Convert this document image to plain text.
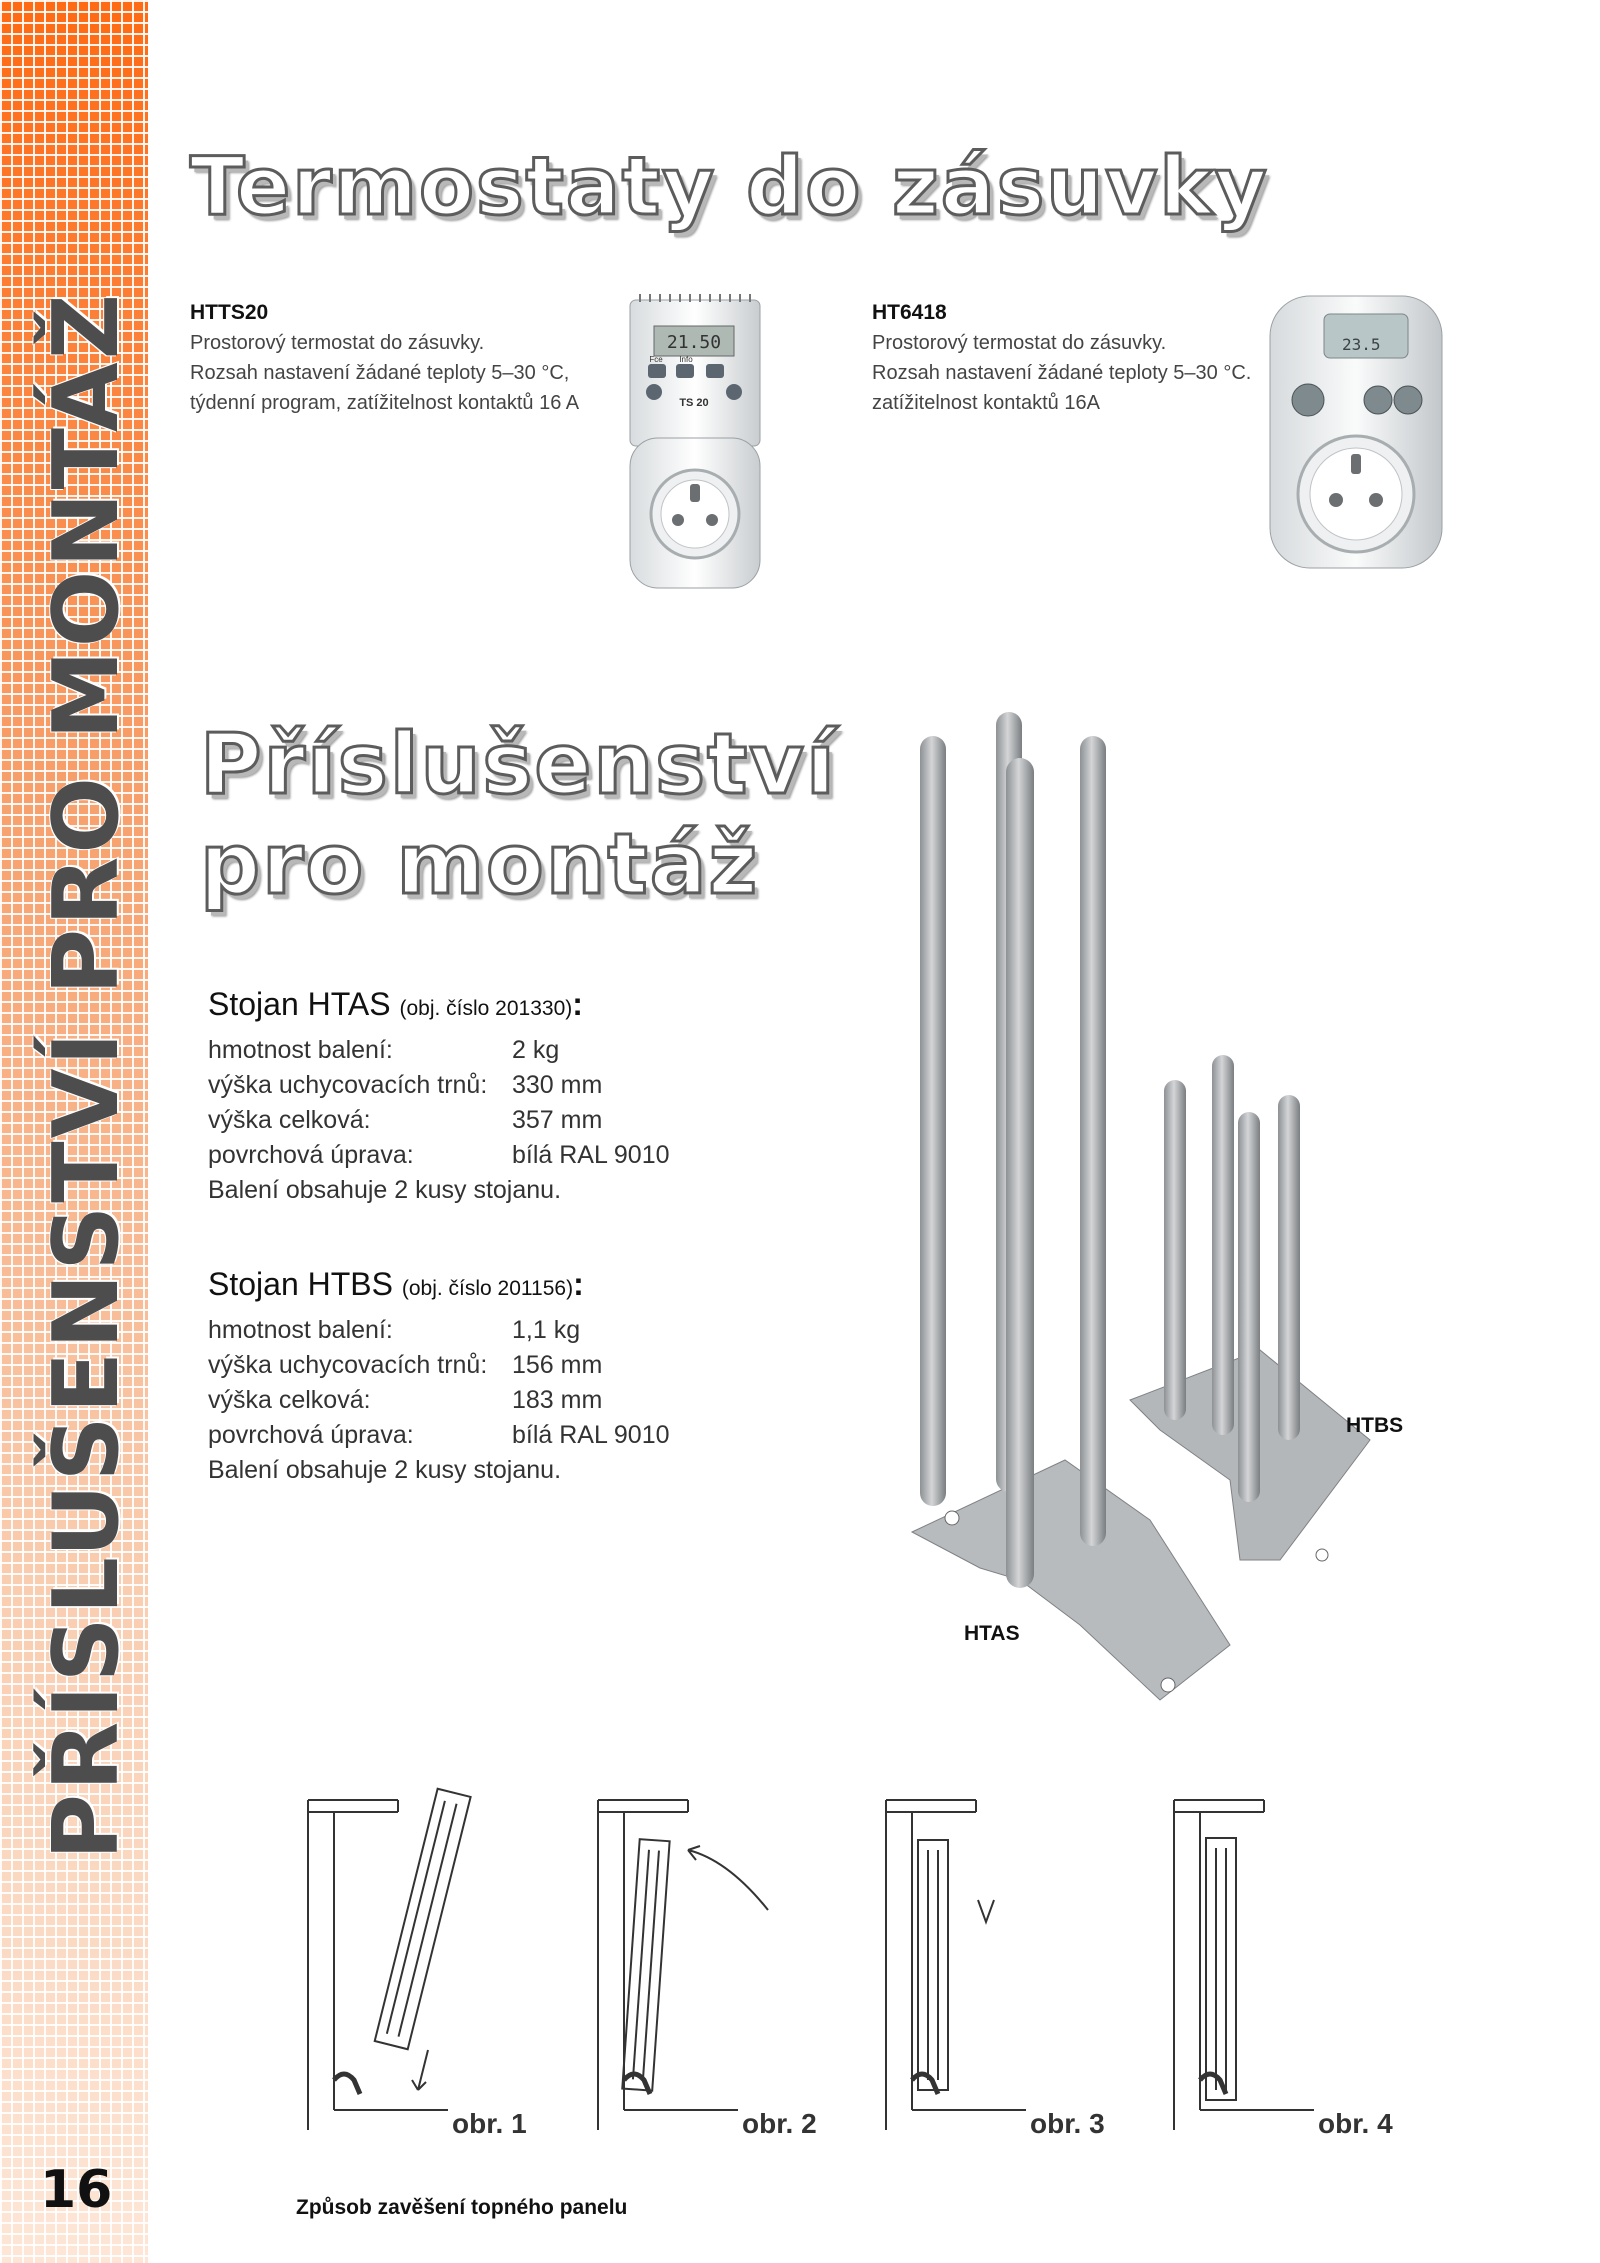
PŘÍSLUŠENSTVÍ PRO MONTÁŽ
16
Termostaty do zásuvky
HTTS20
Prostorový termostat do zásuvky.
Rozsah nastavení žádané teploty 5–30 °C,
týdenní program, zatížitelnost kontaktů 16 A
21.50
Fce Info
TS 20
HT6418
Prostorový termostat do zásuvky.
Rozsah nastavení žádané teploty 5–30 °C.
zatížitelnost kontaktů 16A
23.5
Příslušenství
pro montáž
Stojan HTAS (obj. číslo 201330):
hmotnost balení:	2 kg
výška uchycovacích trnů: 330 mm
výška celková:	357 mm
povrchová úprava:	bílá RAL 9010
Balení obsahuje 2 kusy stojanu.
Stojan HTBS (obj. číslo 201156):
hmotnost balení:	1,1 kg
výška uchycovacích trnů: 156 mm
výška celková:	183 mm
povrchová úprava:	bílá RAL 9010
Balení obsahuje 2 kusy stojanu.
HTBS
HTAS
obr. 1	obr. 2	obr. 3	obr. 4
Způsob zavěšení topného panelu
